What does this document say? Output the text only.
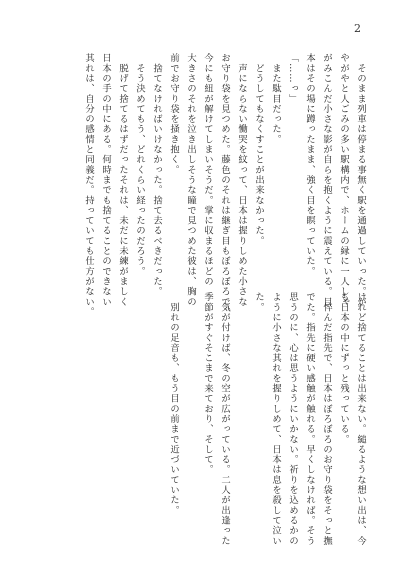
2
　そのまま列車は停まる事無く駅を通過していった。が
やがやと人ごみの多い駅構内で、ホームの縁に一人しゃ
がみこんだ小さな影が自らを抱くように震えている。目
本はその場に蹲ったまま、強く目を瞑っていた。
「……っ」
　また駄目だった。
　どうしてもなくすことが出来なかった。
　声にならない慟哭を紋って、日本は握りしめた小さな
お守り袋を見つめた。藤色のそれは継ぎ目もぼろぼろで、
今にも紐が解けてしまいそうだ。掌に収まるほどの
大きさのそれを泣き出しそうな瞳で見つめた彼は、胸の
前でお守り袋を掻き抱く。
　捨てなければいけなかった。捨て去るべきだった。
　そう決めてもう、どれくらい経ったのだろう。
　脱げて捨てるはずだったそれは、未だに未練がましく
日本の手の中にある。何時までも捨てることのできない
其れは、自分の感情と同義だ。持っていても仕方がない。
けれど捨てることは出来ない。縋るような想い出は、今
も日本の中にずっと残っている。
　悴んだ指先で、日本はぼろぼろのお守り袋をそっと撫
でた。指先に硬い感触が触れる。早くしなければ。そう
思うのに、心は思うようにいかない。祈りを込めるかの
ように小さな其れを握りしめて、日本は息を殺して泣い
た。

　気が付けば、冬の空が広がっている。二人が出逢った
季節がすぐそこまで来ており、そして。

　別れの足音も、もう目の前まで近づいていた。
